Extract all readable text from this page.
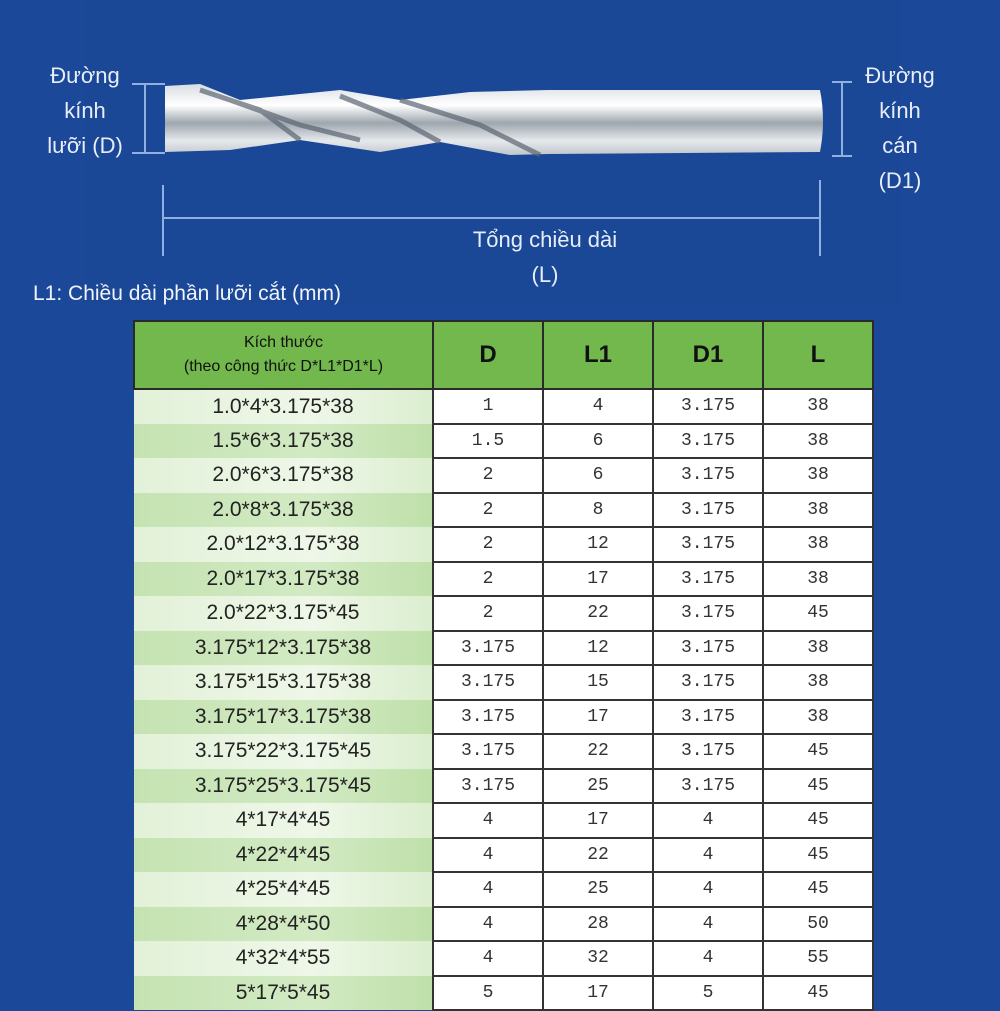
Đường
kính
lưỡi (D)
Đường
kính
cán
(D1)
Tổng chiều dài
(L)
L1: Chiều dài phần lưỡi cắt (mm)
Kích thước
(theo công thức D*L1*D1*L)	D	L1	D1	L
1.0*4*3.175*38	1	4	3.175	38
1.5*6*3.175*38	1.5	6	3.175	38
2.0*6*3.175*38	2	6	3.175	38
2.0*8*3.175*38	2	8	3.175	38
2.0*12*3.175*38	2	12	3.175	38
2.0*17*3.175*38	2	17	3.175	38
2.0*22*3.175*45	2	22	3.175	45
3.175*12*3.175*38	3.175	12	3.175	38
3.175*15*3.175*38	3.175	15	3.175	38
3.175*17*3.175*38	3.175	17	3.175	38
3.175*22*3.175*45	3.175	22	3.175	45
3.175*25*3.175*45	3.175	25	3.175	45
4*17*4*45	4	17	4	45
4*22*4*45	4	22	4	45
4*25*4*45	4	25	4	45
4*28*4*50	4	28	4	50
4*32*4*55	4	32	4	55
5*17*5*45	5	17	5	45
